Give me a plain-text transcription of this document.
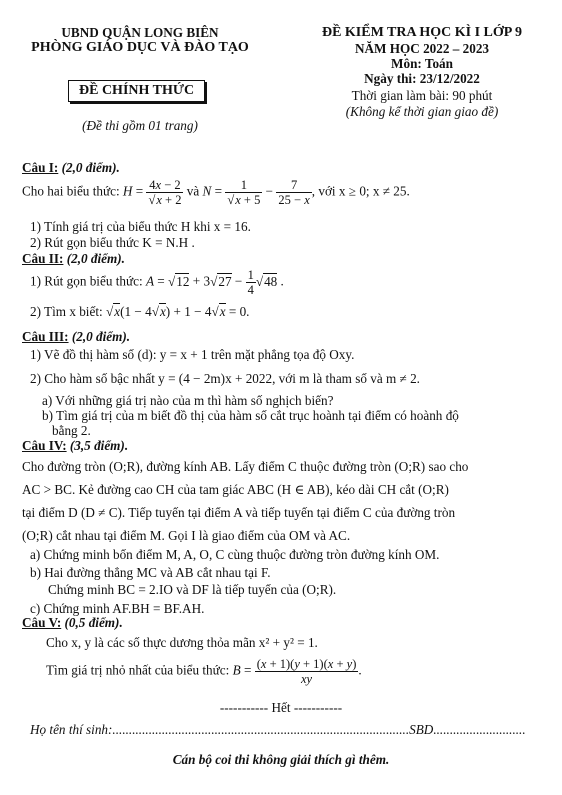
UBND QUẬN LONG BIÊN
PHÒNG GIÁO DỤC VÀ ĐÀO TẠO
ĐỀ CHÍNH THỨC
(Đề thi gồm 01 trang)
ĐỀ KIỂM TRA HỌC KÌ I LỚP 9
NĂM HỌC 2022 – 2023
Môn: Toán
Ngày thi: 23/12/2022
Thời gian làm bài: 90 phút
(Không kể thời gian giao đề)
Câu I: (2,0 điểm).
Cho hai biểu thức: H = 4x − 2
√ x + 2 và N = 1
√ $x + 5 - \frac{7}{25 - x}$ , với x ≥ 0; x ≠ 25.
1) Tính giá trị của biểu thức H khi x = 16.
2) Rút gọn biểu thức K = N.H .
Câu II: (2,0 điểm).
1) Rút gọn biểu thức: A = √ 12 + 3 √ $27 - \frac{1}{4}$ √ 48 .
2) Tìm x biết: √ x(1 − 4 √ x) + 1 − 4 √ x = 0.
Câu III: (2,0 điểm).
1) Vẽ đồ thị hàm số (d): y = x + 1 trên mặt phẳng tọa độ Oxy.
2) Cho hàm số bậc nhất y = (4 − 2m)x + 2022, với m là tham số và m ≠ 2.
a) Với những giá trị nào của m thì hàm số nghịch biến?
b) Tìm giá trị của m biết đồ thị của hàm số cắt trục hoành tại điểm có hoành độ
bằng 2.
Câu IV: (3,5 điểm).
Cho đường tròn (O;R), đường kính AB. Lấy điểm C thuộc đường tròn (O;R) sao cho
AC > BC. Kẻ đường cao CH của tam giác ABC (H ∈ AB), kéo dài CH cắt (O;R)
tại điểm D (D ≠ C). Tiếp tuyến tại điểm A và tiếp tuyến tại điểm C của đường tròn
(O;R) cắt nhau tại điểm M. Gọi I là giao điểm của OM và AC.
a) Chứng minh bốn điểm M, A, O, C cùng thuộc đường tròn đường kính OM.
b) Hai đường thẳng MC và AB cắt nhau tại F.
Chứng minh BC = 2.IO và DF là tiếp tuyến của (O;R).
c) Chứng minh AF.BH = BF.AH.
Câu V: (0,5 điểm).
Cho x, y là các số thực dương thỏa mãn x² + y² = 1.
Tìm giá trị nhỏ nhất của biểu thức: $B = \frac{(x + 1)(y + 1)(x + y)}{xy}$ .
----------- Hết -----------
Họ tên thí sinh:..........................................................................................SBD............................
Cán bộ coi thi không giải thích gì thêm.
